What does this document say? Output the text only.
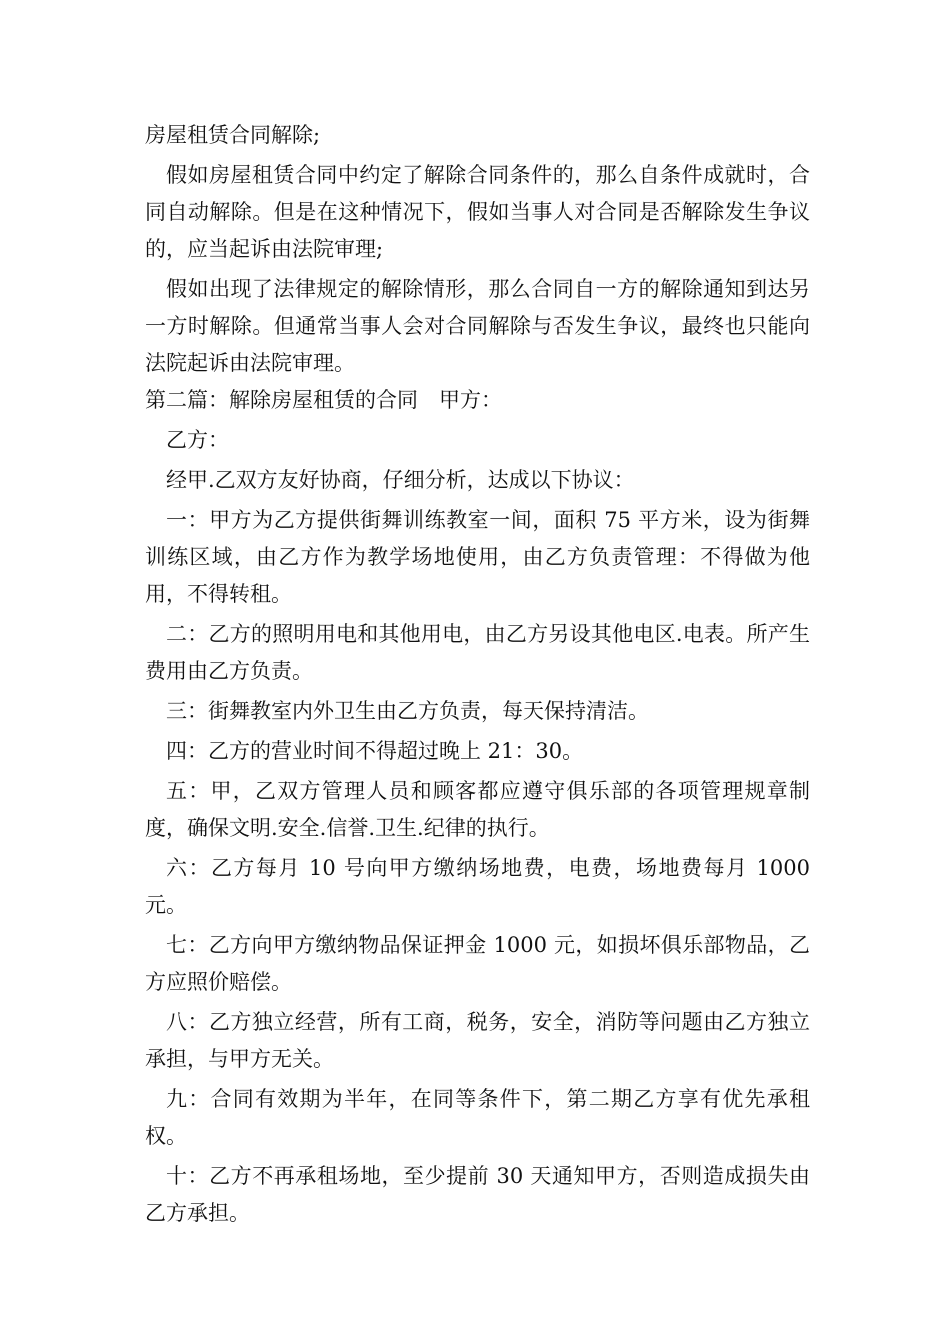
房屋租赁合同解除;

假如房屋租赁合同中约定了解除合同条件的，那么自条件成就时，合同自动解除。但是在这种情况下，假如当事人对合同是否解除发生争议的，应当起诉由法院审理;

假如出现了法律规定的解除情形，那么合同自一方的解除通知到达另一方时解除。但通常当事人会对合同解除与否发生争议，最终也只能向法院起诉由法院审理。

第二篇：解除房屋租赁的合同　甲方：

乙方：

经甲.乙双方友好协商，仔细分析，达成以下协议：

一：甲方为乙方提供街舞训练教室一间，面积 75 平方米，设为街舞训练区域，由乙方作为教学场地使用，由乙方负责管理：不得做为他用，不得转租。

二：乙方的照明用电和其他用电，由乙方另设其他电区.电表。所产生费用由乙方负责。

三：街舞教室内外卫生由乙方负责，每天保持清洁。

四：乙方的营业时间不得超过晚上 21：30。

五：甲，乙双方管理人员和顾客都应遵守俱乐部的各项管理规章制度，确保文明.安全.信誉.卫生.纪律的执行。

六：乙方每月 10 号向甲方缴纳场地费，电费，场地费每月 1000 元。

七：乙方向甲方缴纳物品保证押金 1000 元，如损坏俱乐部物品，乙方应照价赔偿。

八：乙方独立经营，所有工商，税务，安全，消防等问题由乙方独立承担，与甲方无关。

九：合同有效期为半年，在同等条件下，第二期乙方享有优先承租权。

十：乙方不再承租场地，至少提前 30 天通知甲方，否则造成损失由乙方承担。
